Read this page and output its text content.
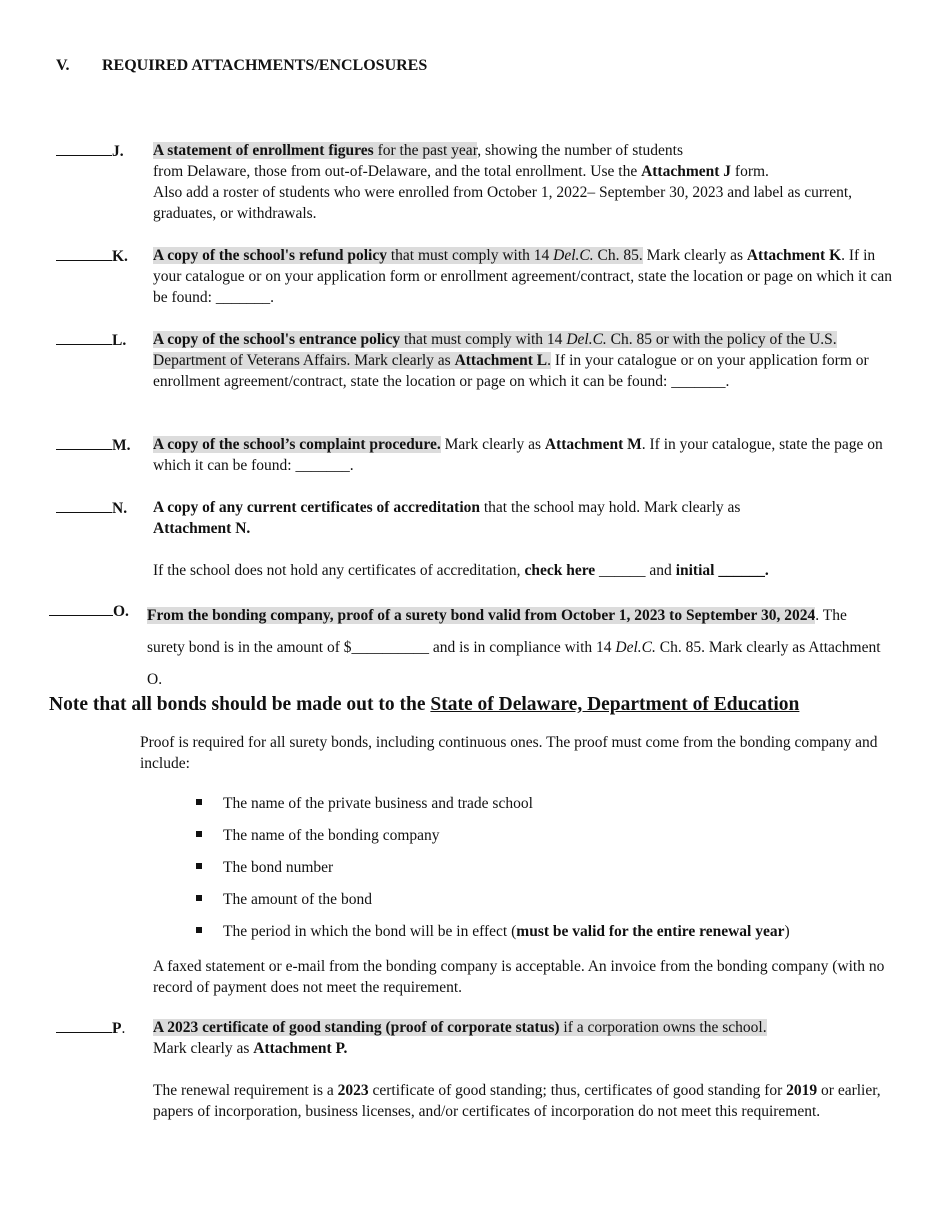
V. REQUIRED ATTACHMENTS/ENCLOSURES
J. A statement of enrollment figures for the past year, showing the number of students
from Delaware, those from out-of-Delaware, and the total enrollment. Use the Attachment J form.
Also add a roster of students who were enrolled from October 1, 2022– September 30, 2023 and label as current, graduates, or withdrawals.

K. A copy of the school's refund policy that must comply with 14 Del.C. Ch. 85. Mark clearly as Attachment K. If in your catalogue or on your application form or enrollment agreement/contract, state the location or page on which it can be found: _______.

L. A copy of the school's entrance policy that must comply with 14 Del.C. Ch. 85 or with the policy of the U.S. Department of Veterans Affairs. Mark clearly as Attachment L. If in your catalogue or on your application form or enrollment agreement/contract, state the location or page on which it can be found: _______.

M. A copy of the school’s complaint procedure. Mark clearly as Attachment M. If in your catalogue, state the page on which it can be found: _______.

N. A copy of any current certificates of accreditation that the school may hold. Mark clearly as
Attachment N.

If the school does not hold any certificates of accreditation, check here ______ and initial ______.

O. From the bonding company, proof of a surety bond valid from October 1, 2023 to September 30, 2024. The surety bond is in the amount of $__________ and is in compliance with 14 Del.C. Ch. 85. Mark clearly as Attachment O.

Note that all bonds should be made out to the State of Delaware, Department of Education
Proof is required for all surety bonds, including continuous ones. The proof must come from the bonding company and include:
The name of the private business and trade school
The name of the bonding company
The bond number
The amount of the bond
The period in which the bond will be in effect (must be valid for the entire renewal year)
A faxed statement or e-mail from the bonding company is acceptable. An invoice from the bonding company (with no record of payment does not meet the requirement.
P. A 2023 certificate of good standing (proof of corporate status) if a corporation owns the school.
Mark clearly as Attachment P.

The renewal requirement is a 2023 certificate of good standing; thus, certificates of good standing for 2019 or earlier, papers of incorporation, business licenses, and/or certificates of incorporation do not meet this requirement.
